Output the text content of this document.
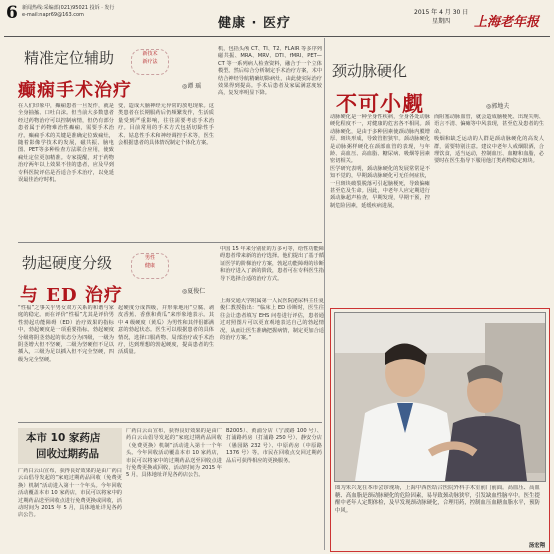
6 新闻热线:采编部(021)95021 投诉 · 发行
e-mail:napr69@163.com
健康 · 医疗
2015 年 4 月 30 日
星期四	上海老年报
精准定位辅助	新技术
新疗法
癫痫手术治疗	◎谭 瑶

在人们印象中，癫痫患者一旦发作，就是全身抽搐、口吐白沫。但当前大多数患者经过药物治疗可以控制病情，但仍有部分患者属于药物难治性癫痫，需要手术治疗。癫痫手术的关键是准确定位致痫灶，随着影像学技术的发展，磁共振、脑电图、PET等多种检查方法联合应用，使致痫灶定位更加精准。专家提醒，对于药物治疗两年以上效果不佳的患者，应及早到专科医院评估是否适合手术治疗，以免延误最佳治疗时机。

变，造成大脑神经元异常的放电现象。这类患者在长期服药后仍频繁发作，生活质量受到严重影响，往往需要考虑手术治疗。目前常用的手术方式包括切除性手术、姑息性手术和神经调控手术等，医生会根据患者的具体情况制定个体化方案。

机，包括头颅 CT、TI、T2、FLAIR 等多序列磁共振、MRA、MRV、DTI、fMRI、PET—CT 等一系列病人检查资料，融合于一个立体模型。然后综合分析制定手术治疗方案，术中结合神经导航精确切除病灶，由此使实际治疗效果得到提高。手术后患者及家属满意度较高，复发率明显下降。

勃起硬度分级	男性
健康
与 ED 治疗	◎夏俊仁

“性福”之事关乎男女双方关系的和谐与家庭的稳定。而在评价“性福”尤其是评价男性勃起功能障碍（ED）治疗效果的指标中，勃起硬度是一项重要指标。勃起硬度分级将阴茎勃起的状态分为四级，一级为阴茎增大但不坚硬，二级为坚硬但不足以插入，三级为足以插入但不完全坚硬，四级为完全坚硬。

起硬度分成四级，并形象地用“豆腐、剥皮香蕉、香蕉和黄瓜”来形象地表示。其中 4 级硬度（黄瓜）为男性和其伴侣都满意的勃起状态。医生可以根据患者的具体情况，选择口服药物、局部治疗或手术治疗，达到理想的勃起硬度，提高患者的生活质量。

中国 15 年来分别征的万多可等，给性功能障碍患者带来新的治疗选择。他们提出了基于循证医学的阶梯治疗方案，勃起功能障碍的诊断和治疗进入了新的阶段，患者可在专科医生指导下选择合适的治疗方式。

上海交通大学附属第一人民医院泌尿科主任夏俊仁教授指出：“临床上 ED 诊断时，医生往往会让患者填写 EHS 问卷进行评估，患者通过对照图片可以更直观地表达自己的勃起情况，从而让医生准确把握病情，制定更加合适的治疗方案。”

本市 10 家药店
回收过期药品

广药白云山宣布，获得良好效果的是由广药白云山倡导发起的“家庭过期药品回收（免费更换）机制”活动进入第十一个年头。今年回收活动覆盖本市 10 家药店，市民可以将家中的过期药品送至回收点进行免费更换或回收，活动时间为 2015 年 5 月，具体地址详见各药店公告。

广药白云山宣布，获得良好效果的是由广药白云山倡导发起的“家庭过期药品回收（免费更换）机制”活动进入第十一个年头。今年回收活动覆盖本市 10 家药店，市民可以将家中的过期药品送至回收点进行免费更换或回收，活动时间为 2015 年 5 月，具体地址详见各药店公告。

B2005）、黄浦分店（宁波路 100 号）、打浦路药房（打浦路 250 号）、静安分店（愚园路 232 号）、中原药房（中原路 1376 号）等。市民在回收点交回过期药品后可获得相应的更换服务。

颈动脉硬化
不可小觑	◎郭地夫

动脉硬化是一种全身性疾病，全身各处动脉硬化程度不一，对健康的危害各不相同。颈动脉硬化，是由于多种因素使颈动脉内膜增厚、斑块形成，导致管腔狭窄。颈动脉硬化是动脉粥样硬化在颈部血管的表现，与年龄、高血压、高血脂、糖尿病、吸烟等因素密切相关。

医学研究表明，颈动脉硬化的发展常常是不知不觉的，早期颈动脉硬化可无任何症状，一旦斑块破裂脱落可引起脑梗死，导致偏瘫甚至危及生命。因此，中老年人应定期进行颈动脉超声检查，早期发现，早期干预，控制危险因素，延缓疾病进展。

而阻塞动脉血管，就会造成脑梗死、出现失明、语言不清、偏瘫等中风表现，甚至危及患者的生命。

吸烟和缺乏运动的人群是颈动脉硬化的高发人群，需要特别注意。建议中老年人戒烟限酒，合理饮食，适当运动，控制血压、血糖和血脂，必要时在医生指导下服用他汀类药物稳定斑块。

图为朱兴龙在本市会诊现场，上海中西医结合医院外科手术室前门前面。高血压、高血糖、高血脂是颈动脉硬化的危险因素，易导致颈动脉狭窄，引发缺血性脑卒中。医生提醒中老年人定期体检，及早发现颈动脉硬化，合理用药，控制血压血糖血脂水平，预防中风。
汤宏翔
